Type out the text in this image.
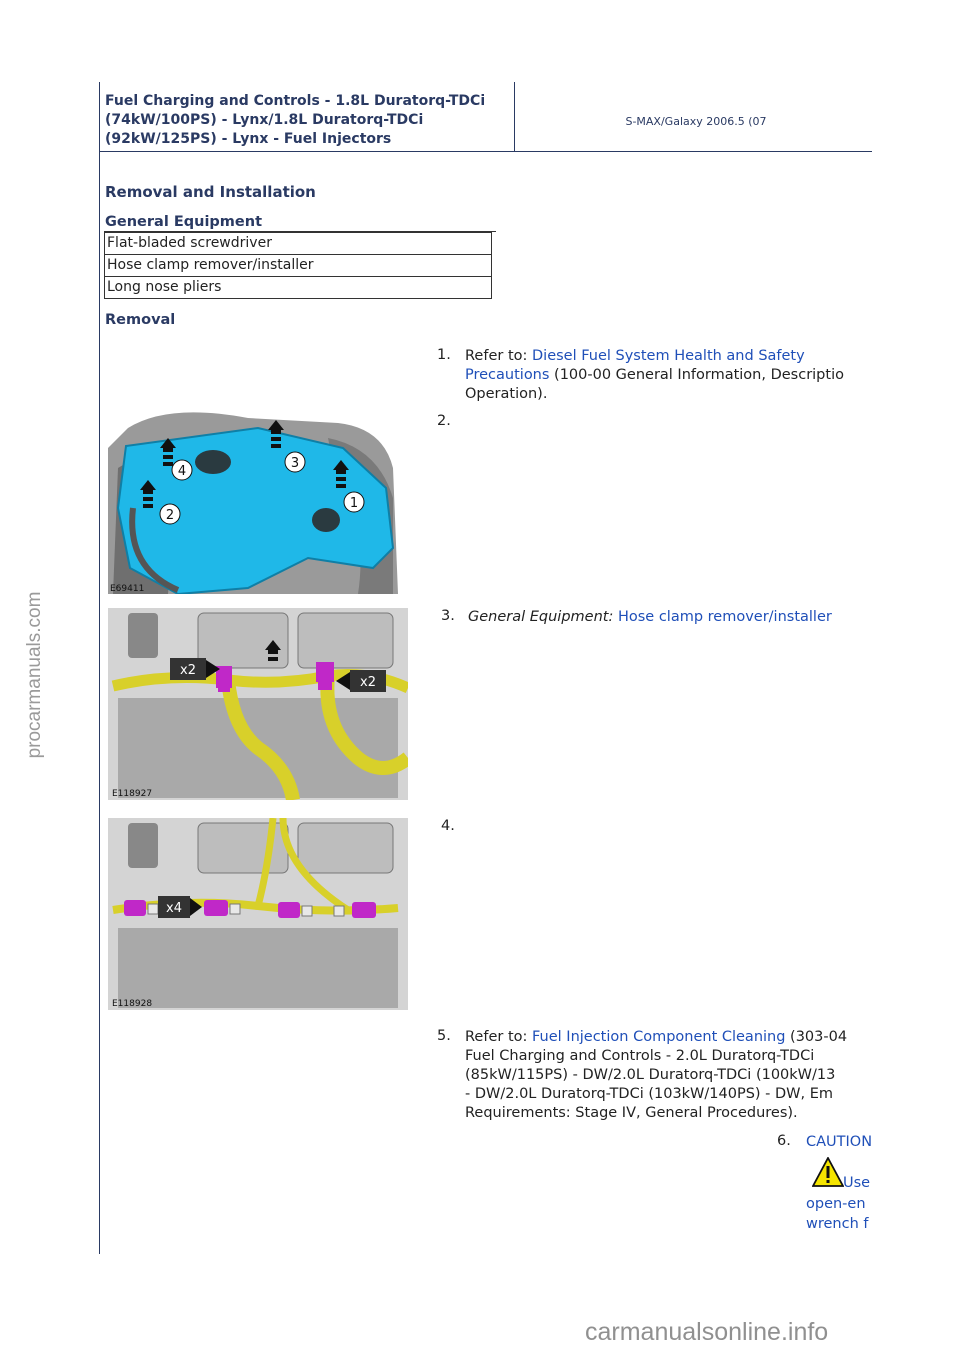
procarmanuals.com
Fuel Charging and Controls - 1.8L Duratorq-TDCi (74kW/100PS) - Lynx/1.8L Duratorq-TDCi (92kW/125PS) - Lynx - Fuel Injectors
S-MAX/Galaxy 2006.5 (07
Removal and Installation
General Equipment
Flat-bladed screwdriver
Hose clamp remover/installer
Long nose pliers
Removal
1. Refer to: Diesel Fuel System Health and Safety
Precautions (100-00 General Information, Descriptio
Operation).
4
3
2
1
E69411
2.
x2
x2
E118927
3. General Equipment: Hose clamp remover/installer
x4
E118928
4.
5. Refer to: Fuel Injection Component Cleaning (303-04
Fuel Charging and Controls - 2.0L Duratorq-TDCi
(85kW/115PS) - DW/2.0L Duratorq-TDCi (100kW/13
- DW/2.0L Duratorq-TDCi (103kW/140PS) - DW, Em
Requirements: Stage IV, General Procedures).
6. CAUTION
Use
open-en
wrench f
carmanualsonline.info
